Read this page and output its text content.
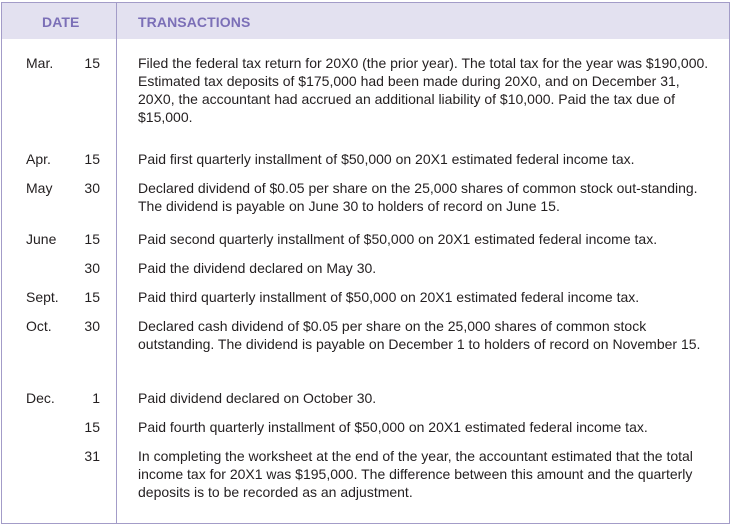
DATE	TRANSACTIONS
Mar.	15	Filed the federal tax return for 20X0 (the prior year). The total tax for the year was $190,000. Estimated tax deposits of $175,000 had been made during 20X0, and on December 31, 20X0, the accountant had accrued an additional liability of $10,000. Paid the tax due of $15,000.

Apr.	15	Paid first quarterly installment of $50,000 on 20X1 estimated federal income tax.

May	30	Declared dividend of $0.05 per share on the 25,000 shares of common stock out-standing. The dividend is payable on June 30 to holders of record on June 15.

June	15	Paid second quarterly installment of $50,000 on 20X1 estimated federal income tax.

30	Paid the dividend declared on May 30.

Sept.	15	Paid third quarterly installment of $50,000 on 20X1 estimated federal income tax.

Oct.	30	Declared cash dividend of $0.05 per share on the 25,000 shares of common stock outstanding. The dividend is payable on December 1 to holders of record on November 15.

Dec.	1	Paid dividend declared on October 30.

15	Paid fourth quarterly installment of $50,000 on 20X1 estimated federal income tax.

31	In completing the worksheet at the end of the year, the accountant estimated that the total income tax for 20X1 was $195,000. The difference between this amount and the quarterly deposits is to be recorded as an adjustment.
